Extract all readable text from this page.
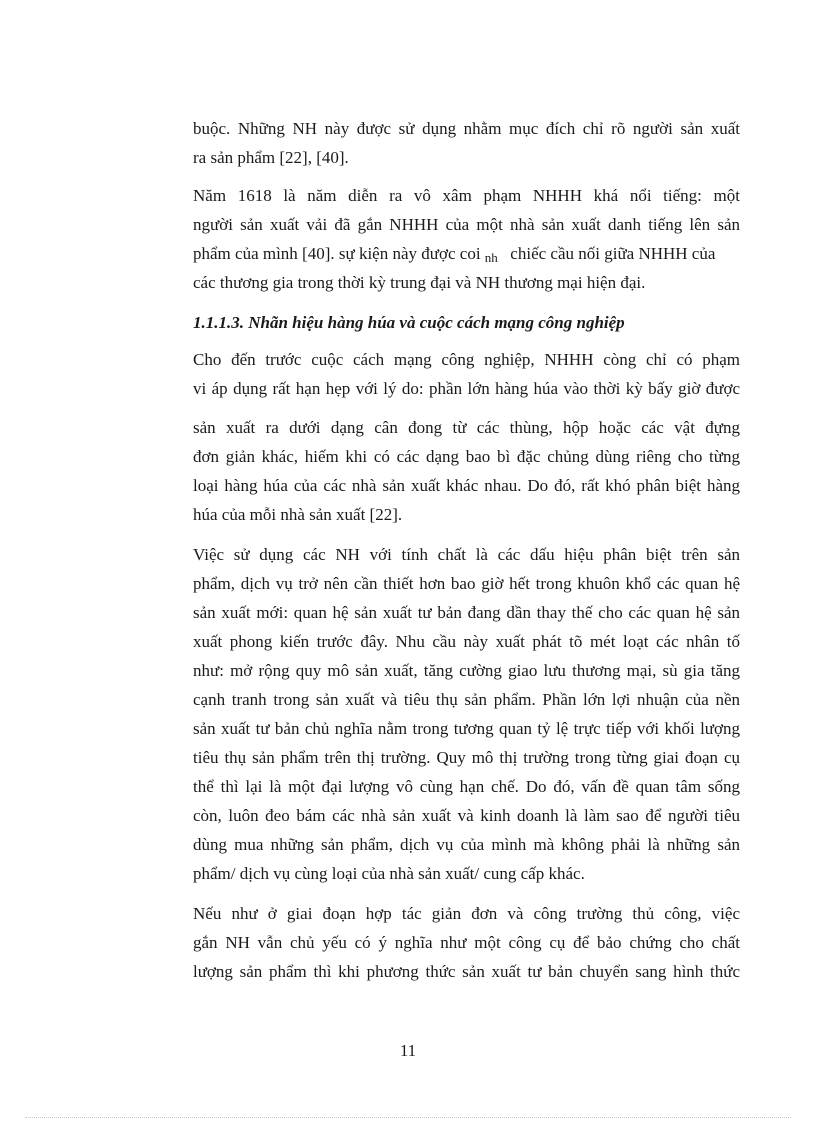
buộc. Những NH này được sử dụng nhằm mục đích chỉ rõ người sản xuất
ra sản phẩm [22], [40].
Năm 1618 là năm diễn ra vô xâm phạm NHHH khá nổi tiếng: một
người sản xuất vải đã gắn NHHH của một nhà sản xuất danh tiếng lên sản
phẩm của mình [40]. sự kiện này được coi $_{nh}$ chiếc cầu nối giữa NHHH của
các thương gia trong thời kỳ trung đại và NH thương mại hiện đại.
1.1.1.3. Nhãn hiệu hàng húa và cuộc cách mạng công nghiệp
Cho đến trước cuộc cách mạng công nghiệp, NHHH còng chỉ có phạm
vi áp dụng rất hạn hẹp với lý do: phần lớn hàng húa vào thời kỳ bấy giờ được
sản xuất ra dưới dạng cân đong từ các thùng, hộp hoặc các vật đựng
đơn giản khác, hiếm khi có các dạng bao bì đặc chủng dùng riêng cho từng
loại hàng húa của các nhà sản xuất khác nhau. Do đó, rất khó phân biệt hàng
húa của mỗi nhà sản xuất [22].
Việc sử dụng các NH với tính chất là các dấu hiệu phân biệt trên sản
phẩm, dịch vụ trở nên cần thiết hơn bao giờ hết trong khuôn khổ các quan hệ
sản xuất mới: quan hệ sản xuất tư bản đang dần thay thế cho các quan hệ sản
xuất phong kiến trước đây. Nhu cầu này xuất phát tõ mét loạt các nhân tố
như: mở rộng quy mô sản xuất, tăng cường giao lưu thương mại, sù gia tăng
cạnh tranh trong sản xuất và tiêu thụ sản phẩm. Phần lớn lợi nhuận của nền
sản xuất tư bản chủ nghĩa nằm trong tương quan tỷ lệ trực tiếp với khối lượng
tiêu thụ sản phẩm trên thị trường. Quy mô thị trường trong từng giai đoạn cụ
thể thì lại là một đại lượng vô cùng hạn chế. Do đó, vấn đề quan tâm sống
còn, luôn đeo bám các nhà sản xuất và kinh doanh là làm sao để người tiêu
dùng mua những sản phẩm, dịch vụ của mình mà không phải là những sản
phẩm/ dịch vụ cùng loại của nhà sản xuất/ cung cấp khác.
Nếu như ở giai đoạn hợp tác giản đơn và công trường thủ công, việc
gắn NH vẫn chủ yếu có ý nghĩa như một công cụ để bảo chứng cho chất
lượng sản phẩm thì khi phương thức sản xuất tư bản chuyển sang hình thức
11
